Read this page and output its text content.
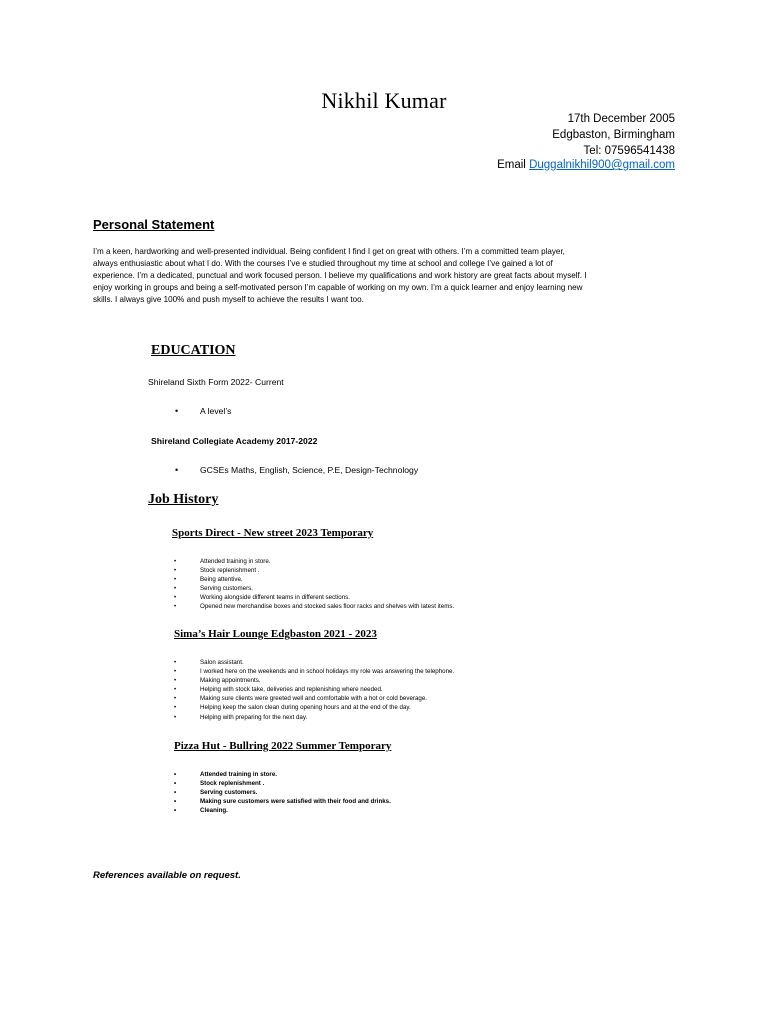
Nikhil Kumar
17th December 2005
Edgbaston, Birmingham
Tel: 07596541438
Email Duggalnikhil900@gmail.com
Personal Statement
I’m a keen, hardworking and well-presented individual. Being confident I find I get on great with others. I’m a committed team player,
always enthusiastic about what I do. With the courses I’ve e studied throughout my time at school and college I’ve gained a lot of
experience. I’m a dedicated, punctual and work focused person. I believe my qualifications and work history are great facts about myself. I
enjoy working in groups and being a self-motivated person I’m capable of working on my own. I’m a quick learner and enjoy learning new
skills. I always give 100% and push myself to achieve the results I want too.
EDUCATION
Shireland Sixth Form 2022- Current
•	A level’s
Shireland Collegiate Academy 2017-2022
•	GCSEs Maths, English, Science, P.E, Design-Technology
Job History
Sports Direct - New street 2023 Temporary
•	Attended training in store.
•	Stock replenishment .
•	Being attentive.
•	Serving customers.
•	Working alongside different teams in different sections.
•	Opened new merchandise boxes and stocked sales floor racks and shelves with latest items.
Sima’s Hair Lounge Edgbaston 2021 - 2023
•	Salon assistant.
•	I worked here on the weekends and in school holidays my role was answering the telephone.
•	Making appointments.
•	Helping with stock take, deliveries and replenishing where needed.
•	Making sure clients were greeted well and comfortable with a hot or cold beverage.
•	Helping keep the salon clean during opening hours and at the end of the day.
•	Helping with preparing for the next day.
Pizza Hut - Bullring 2022 Summer Temporary
•	Attended training in store.
•	Stock replenishment .
•	Serving customers.
•	Making sure customers were satisfied with their food and drinks.
•	Cleaning.
References available on request.
